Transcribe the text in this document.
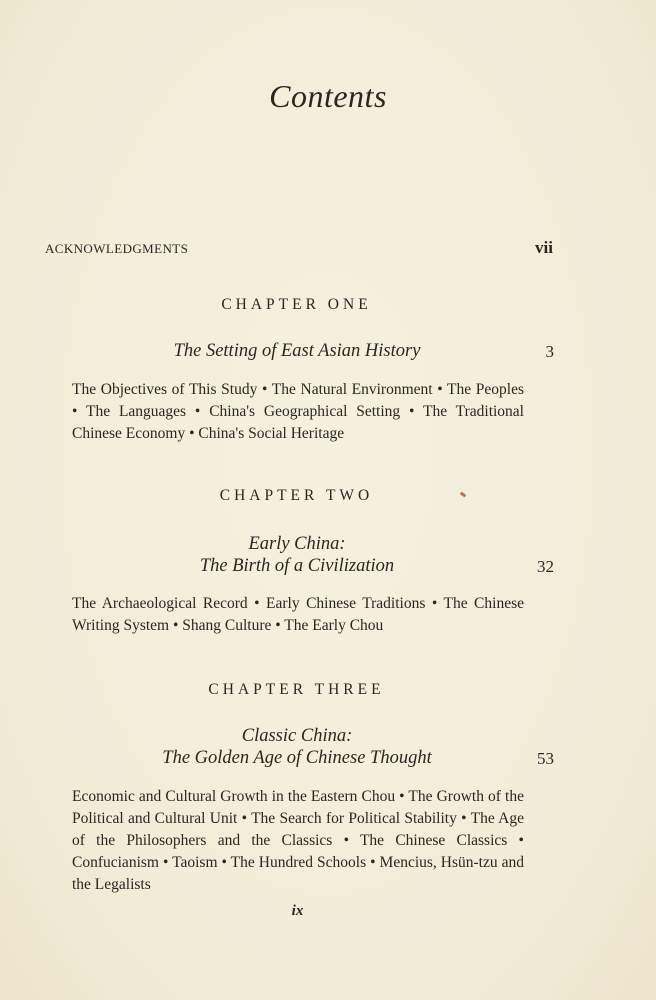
Contents
ACKNOWLEDGMENTS	vii
CHAPTER ONE
The Setting of East Asian History	3
The Objectives of This Study • The Natural Environment • The Peoples • The Languages • China's Geographical Setting • The Traditional Chinese Economy • China's Social Heritage
CHAPTER TWO
Early China:
The Birth of a Civilization	32
The Archaeological Record • Early Chinese Traditions • The Chinese Writing System • Shang Culture • The Early Chou
CHAPTER THREE
Classic China:
The Golden Age of Chinese Thought	53
Economic and Cultural Growth in the Eastern Chou • The Growth of the Political and Cultural Unit • The Search for Political Stability • The Age of the Philosophers and the Classics • The Chinese Classics • Confucianism • Taoism • The Hundred Schools • Mencius, Hsün-tzu and the Legalists
ix
